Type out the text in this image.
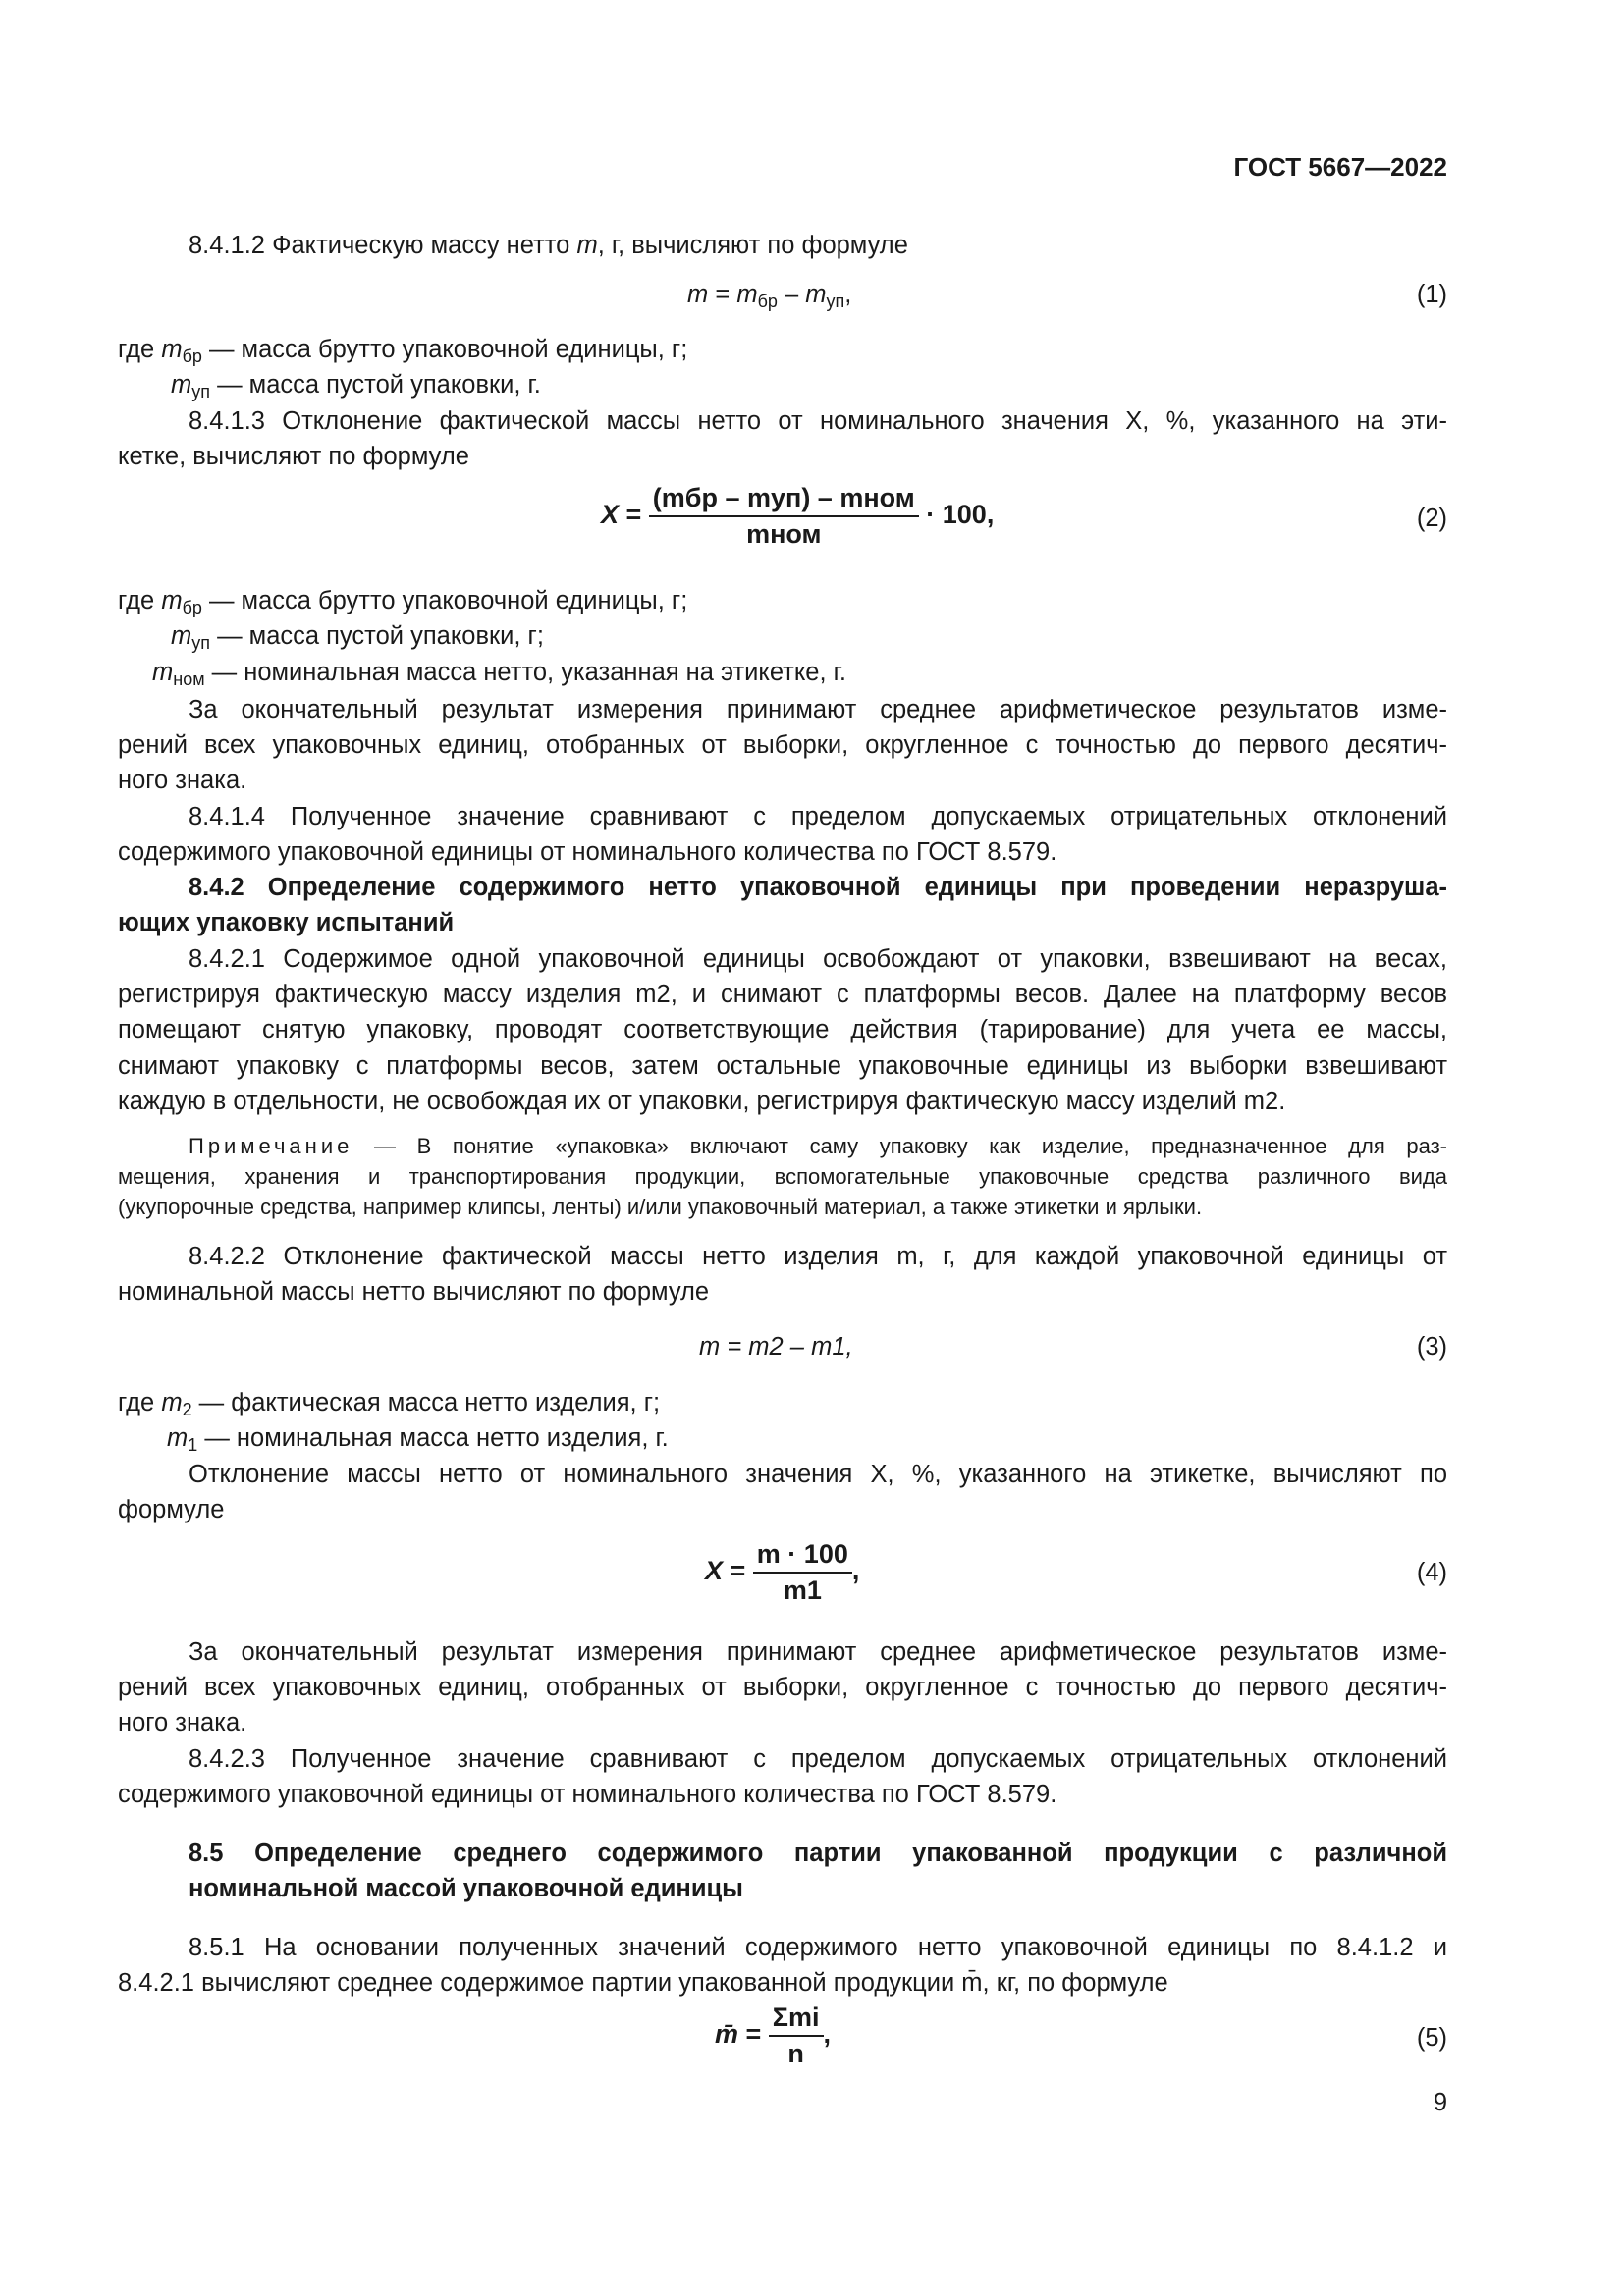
ГОСТ 5667—2022
8.4.1.2 Фактическую массу нетто m, г, вычисляют по формуле
$m = m_{бр} - m_{уп}$,	(1)
где $m_{бр}$ — масса брутто упаковочной единицы, г;
$m_{уп}$ — масса пустой упаковки, г.
8.4.1.3 Отклонение фактической массы нетто от номинального значения X, %, указанного на эти-
кетке, вычисляют по формуле
$X = \frac{\text{(mбр – mуп) – mном}}{\text{mном}} \cdot 100$,	(2)
где $m_{бр}$ — масса брутто упаковочной единицы, г;
$m_{уп}$ — масса пустой упаковки, г;
$m_{ном}$ — номинальная масса нетто, указанная на этикетке, г.
За окончательный результат измерения принимают среднее арифметическое результатов изме-
рений всех упаковочных единиц, отобранных от выборки, округленное с точностью до первого десятич-
ного знака.
8.4.1.4 Полученное значение сравнивают с пределом допускаемых отрицательных отклонений
содержимого упаковочной единицы от номинального количества по ГОСТ 8.579.
8.4.2 Определение содержимого нетто упаковочной единицы при проведении неразруша-
ющих упаковку испытаний
8.4.2.1 Содержимое одной упаковочной единицы освобождают от упаковки, взвешивают на весах,
регистрируя фактическую массу изделия m2, и снимают с платформы весов. Далее на платформу весов
помещают снятую упаковку, проводят соответствующие действия (тарирование) для учета ее массы,
снимают упаковку с платформы весов, затем остальные упаковочные единицы из выборки взвешивают
каждую в отдельности, не освобождая их от упаковки, регистрируя фактическую массу изделий m2.
Примечание — В понятие «упаковка» включают саму упаковку как изделие, предназначенное для раз-
мещения, хранения и транспортирования продукции, вспомогательные упаковочные средства различного вида
(укупорочные средства, например клипсы, ленты) и/или упаковочный материал, а также этикетки и ярлыки.
8.4.2.2 Отклонение фактической массы нетто изделия m, г, для каждой упаковочной единицы от
номинальной массы нетто вычисляют по формуле
m = m2 – m1,	(3)
где $m_2$ — фактическая масса нетто изделия, г;
$m_1$ — номинальная масса нетто изделия, г.
Отклонение массы нетто от номинального значения X, %, указанного на этикетке, вычисляют по
формуле
$X = \frac{m \cdot 100}{m1}$ ,	(4)
За окончательный результат измерения принимают среднее арифметическое результатов изме-
рений всех упаковочных единиц, отобранных от выборки, округленное с точностью до первого десятич-
ного знака.
8.4.2.3 Полученное значение сравнивают с пределом допускаемых отрицательных отклонений
содержимого упаковочной единицы от номинального количества по ГОСТ 8.579.
8.5 Определение среднего содержимого партии упакованной продукции с различной
номинальной массой упаковочной единицы
8.5.1 На основании полученных значений содержимого нетто упаковочной единицы по 8.4.1.2 и
8.4.2.1 вычисляют среднее содержимое партии упакованной продукции m̄, кг, по формуле
m̄ = $\frac{\text{Σmi}}{n}$ ,	(5)
9
